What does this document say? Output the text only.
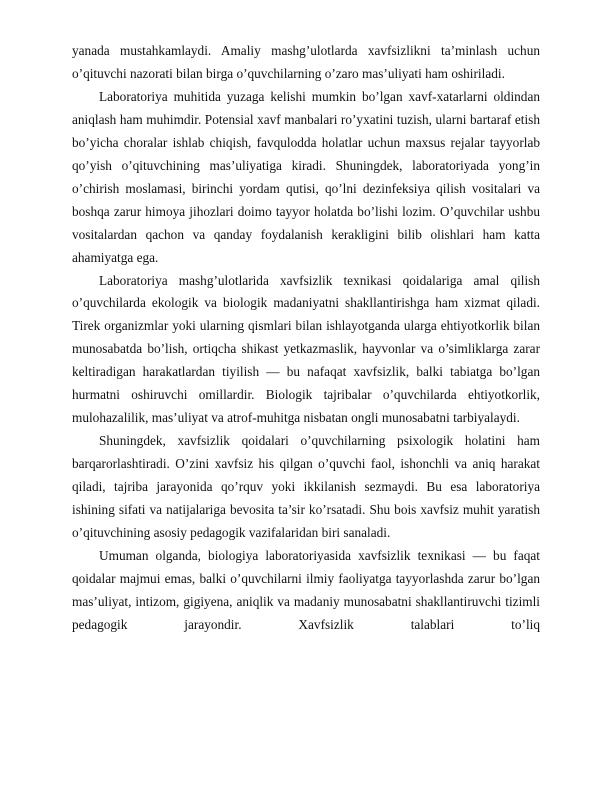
yanada mustahkamlaydi. Amaliy mashg’ulotlarda xavfsizlikni ta’minlash uchun o’qituvchi nazorati bilan birga o’quvchilarning o’zaro mas’uliyati ham oshiriladi.

Laboratoriya muhitida yuzaga kelishi mumkin bo’lgan xavf-xatarlarni oldindan aniqlash ham muhimdir. Potensial xavf manbalari ro’yxatini tuzish, ularni bartaraf etish bo’yicha choralar ishlab chiqish, favqulodda holatlar uchun maxsus rejalar tayyorlab qo’yish o’qituvchining mas’uliyatiga kiradi. Shuningdek, laboratoriyada yong’in o’chirish moslamasi, birinchi yordam qutisi, qo’lni dezinfeksiya qilish vositalari va boshqa zarur himoya jihozlari doimo tayyor holatda bo’lishi lozim. O’quvchilar ushbu vositalardan qachon va qanday foydalanish kerakligini bilib olishlari ham katta ahamiyatga ega.

Laboratoriya mashg’ulotlarida xavfsizlik texnikasi qoidalariga amal qilish o’quvchilarda ekologik va biologik madaniyatni shakllantirishga ham xizmat qiladi. Tirek organizmlar yoki ularning qismlari bilan ishlayotganda ularga ehtiyotkorlik bilan munosabatda bo’lish, ortiqcha shikast yetkazmaslik, hayvonlar va o’simliklarga zarar keltiradigan harakatlardan tiyilish — bu nafaqat xavfsizlik, balki tabiatga bo’lgan hurmatni oshiruvchi omillardir. Biologik tajribalar o’quvchilarda ehtiyotkorlik, mulohazalilik, mas’uliyat va atrof-muhitga nisbatan ongli munosabatni tarbiyalaydi.

Shuningdek, xavfsizlik qoidalari o’quvchilarning psixologik holatini ham barqarorlashtiradi. O’zini xavfsiz his qilgan o’quvchi faol, ishonchli va aniq harakat qiladi, tajriba jarayonida qo’rquv yoki ikkilanish sezmaydi. Bu esa laboratoriya ishining sifati va natijalariga bevosita ta’sir ko’rsatadi. Shu bois xavfsiz muhit yaratish o’qituvchining asosiy pedagogik vazifalaridan biri sanaladi.

Umuman olganda, biologiya laboratoriyasida xavfsizlik texnikasi — bu faqat qoidalar majmui emas, balki o’quvchilarni ilmiy faoliyatga tayyorlashda zarur bo’lgan mas’uliyat, intizom, gigiyena, aniqlik va madaniy munosabatni shakllantiruvchi tizimli pedagogik jarayondir. Xavfsizlik talablari to’liq
